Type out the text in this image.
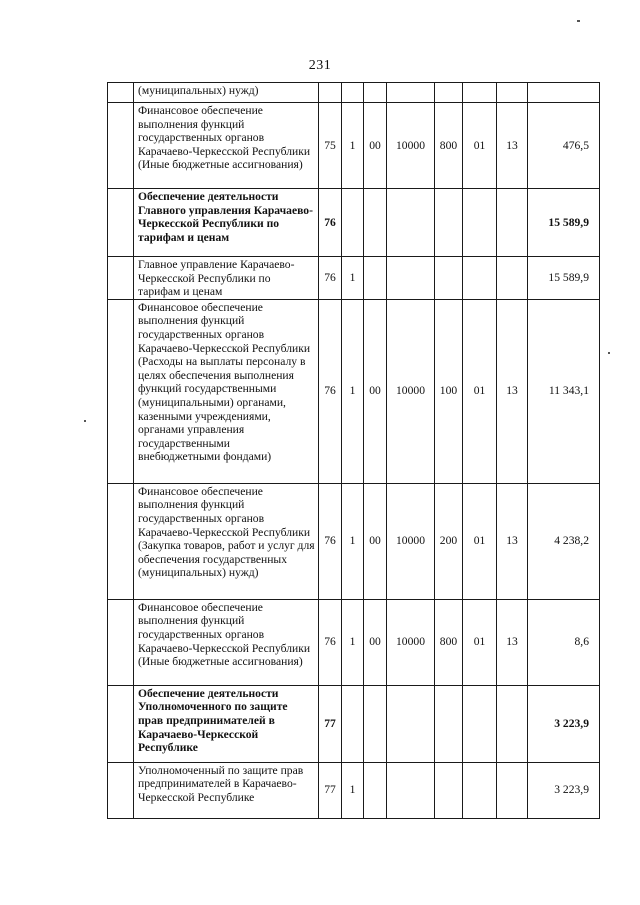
231
	(муниципальных) нужд)								
	Финансовое обеспечение выполнения функций государственных органов Карачаево-Черкесской Республики (Иные бюджетные ассигнования)	75	1	00	10000	800	01	13	476,5
	Обеспечение деятельности Главного управления Карачаево-Черкесской Республики по тарифам и ценам	76							15 589,9
	Главное управление Карачаево-Черкесской Республики по тарифам и ценам	76	1						15 589,9
	Финансовое обеспечение выполнения функций государственных органов Карачаево-Черкесской Республики (Расходы на выплаты персоналу в целях обеспечения выполнения функций государственными (муниципальными) органами, казенными учреждениями, органами управления государственными внебюджетными фондами)	76	1	00	10000	100	01	13	11 343,1
	Финансовое обеспечение выполнения функций государственных органов Карачаево-Черкесской Республики (Закупка товаров, работ и услуг для обеспечения государственных (муниципальных) нужд)	76	1	00	10000	200	01	13	4 238,2
	Финансовое обеспечение выполнения функций государственных органов Карачаево-Черкесской Республики (Иные бюджетные ассигнования)	76	1	00	10000	800	01	13	8,6
	Обеспечение деятельности Уполномоченного по защите прав предпринимателей в Карачаево-Черкесской Республике	77							3 223,9
	Уполномоченный по защите прав предпринимателей в Карачаево-Черкесской Республике	77	1						3 223,9
